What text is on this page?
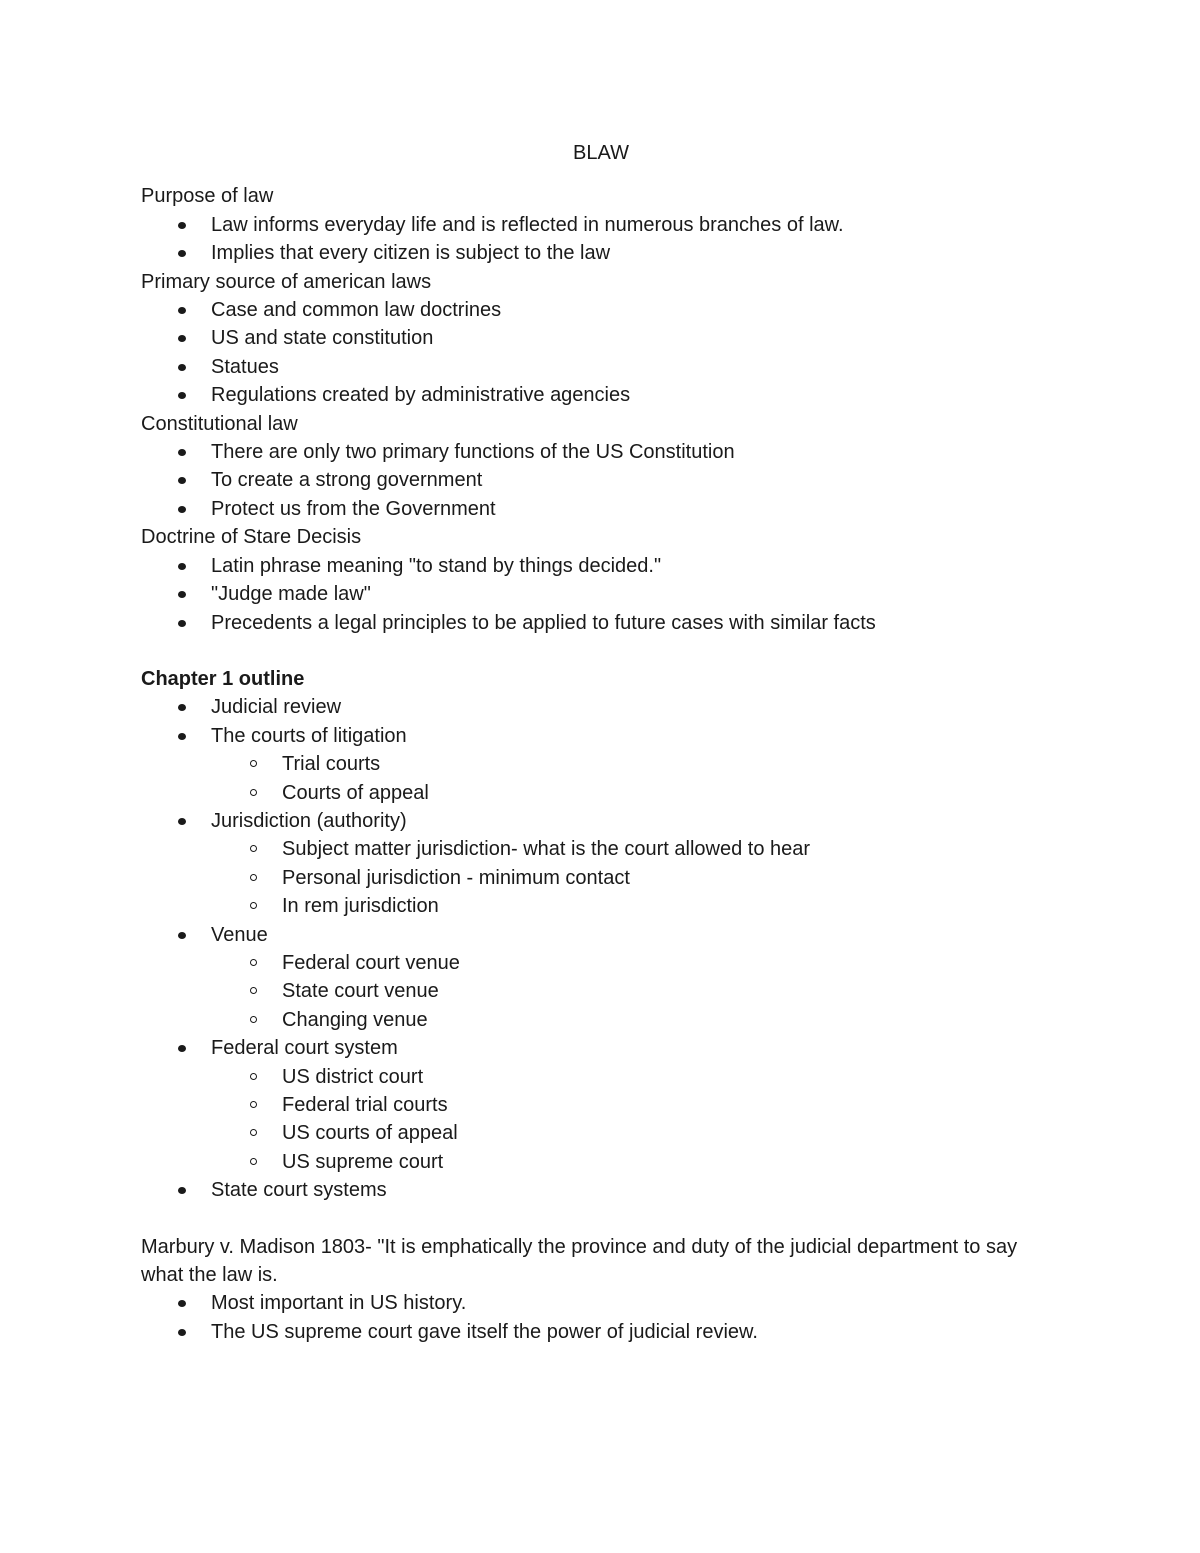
BLAW

Purpose of law

Law informs everyday life and is reflected in numerous branches of law.
Implies that every citizen is subject to the law

Primary source of american laws

Case and common law doctrines
US and state constitution
Statues
Regulations created by administrative agencies

Constitutional law

There are only two primary functions of the US Constitution
To create a strong government
Protect us from the Government

Doctrine of Stare Decisis

Latin phrase meaning "to stand by things decided."
"Judge made law"
Precedents a legal principles to be applied to future cases with similar facts

Chapter 1 outline

Judicial review
The courts of litigation
Trial courts
Courts of appeal
Jurisdiction (authority)
Subject matter jurisdiction- what is the court allowed to hear
Personal jurisdiction - minimum contact
In rem jurisdiction
Venue
Federal court venue
State court venue
Changing venue
Federal court system
US district court
Federal trial courts
US courts of appeal
US supreme court
State court systems

Marbury v. Madison 1803- "It is emphatically the province and duty of the judicial department to say what the law is.

Most important in US history.
The US supreme court gave itself the power of judicial review.
